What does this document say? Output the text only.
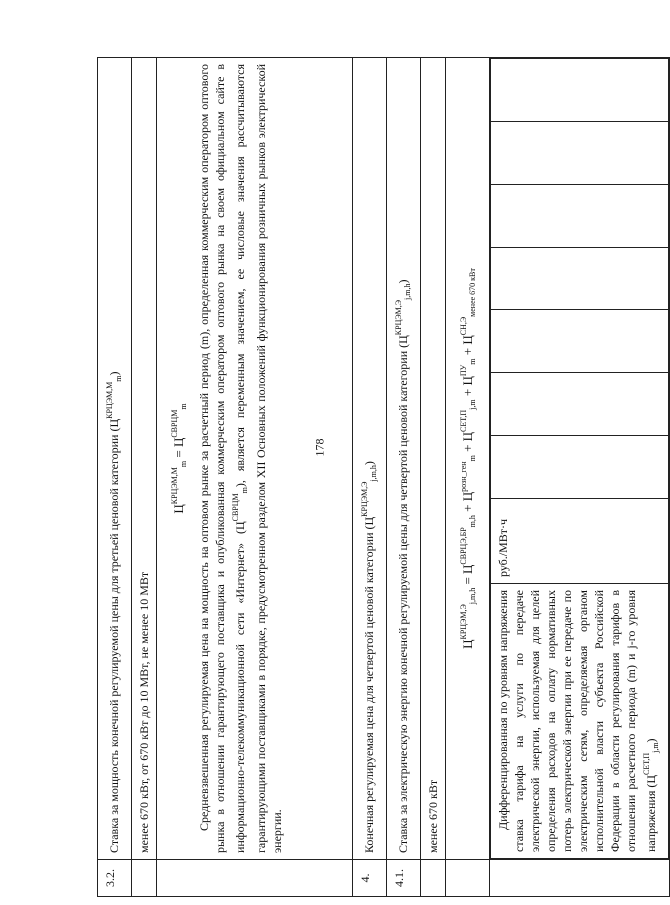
178
3.2.	Ставка за мощность конечной регулируемой цены для третьей ценовой категории $(Ц^{КРЦЭМ,М}_m)$
	менее 670 кВт, от 670 кВт до 10 МВт, не менее 10 МВт

$Ц^{КРЦЭМ,М}_m = Ц^{СВРЦМ}_m$ Средневзвешенная регулируемая цена на мощность на оптовом рынке за расчетный период (m), определенная коммерческим оператором оптового рынка в отношении гарантирующего поставщика и опубликованная коммерческим оператором оптового рынка на своем официальном сайте в информационно-телекоммуникационной сети «Интернет» $(Ц^{СВРЦМ}_m)$, является переменным значением, ее числовые значения рассчитываются гарантирующими поставщиками в порядке, предусмотренном разделом XII Основных положений функционирования розничных рынков электрической энергии.

4.	Конечная регулируемая цена для четвертой ценовой категории $(Ц^{КРЦЭМ,Э}_{j,m,h})$
4.1.	Ставка за электрическую энергию конечной регулируемой цены для четвертой ценовой категории $(Ц^{КРЦЭМ,Э}_{j,m,h})$
	менее 670 кВт

$Ц^{КРЦЭМ,Э}_{j,m,h} = Ц^{СВРЦЭ,БР}_{m,h} + Ц^{розн\_ген}_m + Ц^{СЕТ,П}_{j,m} + Ц^{ПУ}_m + Ц^{СН,Э}_{менее 670 кВт}$

Дифференцированная по уровням напряжения ставка тарифа на услуги по передаче электрической энергии, используемая для целей определения расходов на оплату нормативных потерь электрической энергии при ее передаче по электрическим сетям, определяемая органом исполнительной власти субъекта Российской Федерации в области регулирования тарифов в отношении расчетного периода (m) и j-го уровня напряжения $(Ц^{СЕТ,П}_{j,m})$	руб./МВт·ч							
